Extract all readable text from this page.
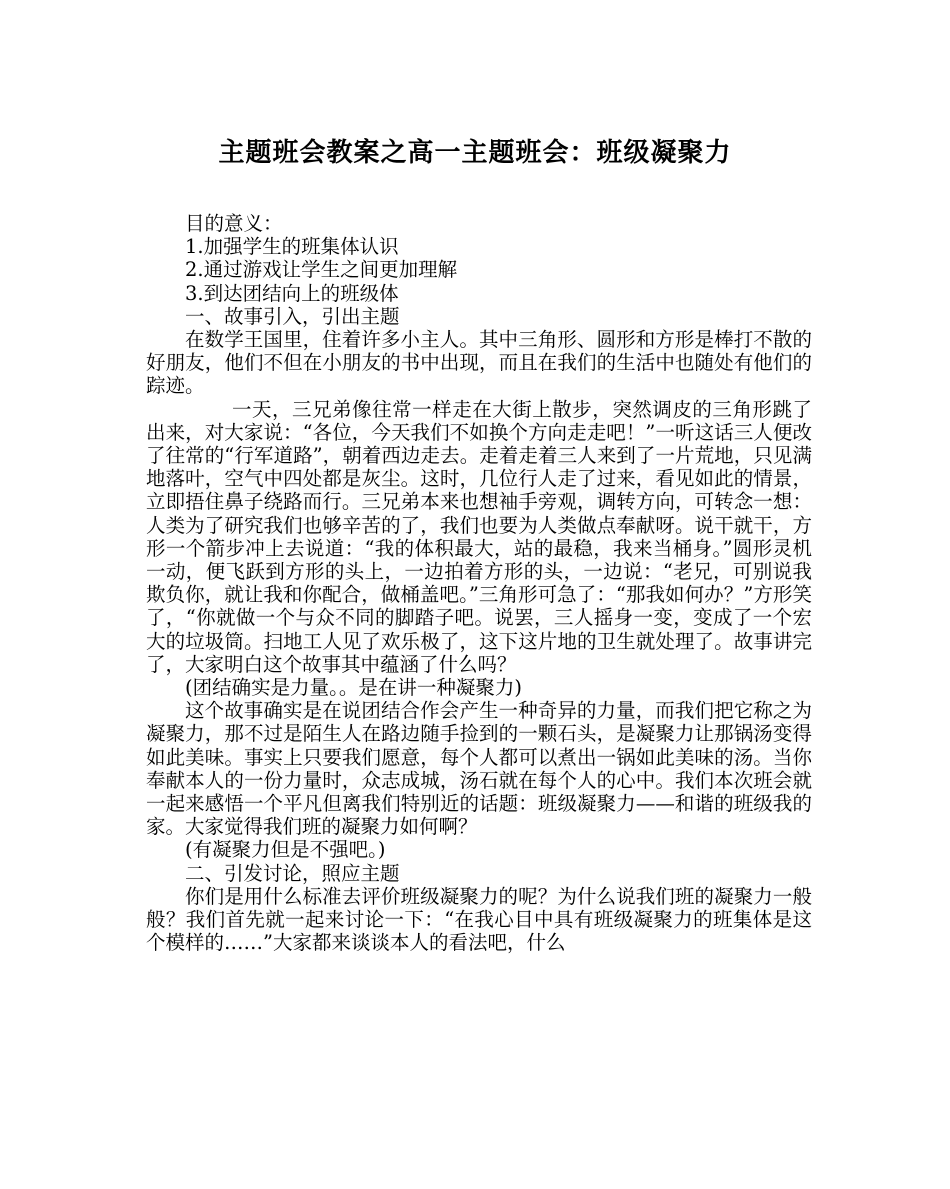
主题班会教案之高一主题班会：班级凝聚力

目的意义：

1.加强学生的班集体认识

2.通过游戏让学生之间更加理解

3.到达团结向上的班级体

一、故事引入，引出主题

在数学王国里，住着许多小主人。其中三角形、圆形和方形是棒打不散的好朋友，他们不但在小朋友的书中出现，而且在我们的生活中也随处有他们的踪迹。

一天，三兄弟像往常一样走在大街上散步，突然调皮的三角形跳了出来，对大家说：“各位，今天我们不如换个方向走走吧！”一听这话三人便改了往常的“行军道路”，朝着西边走去。走着走着三人来到了一片荒地，只见满地落叶，空气中四处都是灰尘。这时，几位行人走了过来，看见如此的情景，立即捂住鼻子绕路而行。三兄弟本来也想袖手旁观，调转方向，可转念一想：人类为了研究我们也够辛苦的了，我们也要为人类做点奉献呀。说干就干，方形一个箭步冲上去说道：“我的体积最大，站的最稳，我来当桶身。”圆形灵机一动，便飞跃到方形的头上，一边拍着方形的头，一边说：“老兄，可别说我欺负你，就让我和你配合，做桶盖吧。”三角形可急了：“那我如何办？”方形笑了，“你就做一个与众不同的脚踏子吧。说罢，三人摇身一变，变成了一个宏大的垃圾筒。扫地工人见了欢乐极了，这下这片地的卫生就处理了。故事讲完了，大家明白这个故事其中蕴涵了什么吗？

(团结确实是力量。。是在讲一种凝聚力)

这个故事确实是在说团结合作会产生一种奇异的力量，而我们把它称之为凝聚力，那不过是陌生人在路边随手捡到的一颗石头，是凝聚力让那锅汤变得如此美味。事实上只要我们愿意，每个人都可以煮出一锅如此美味的汤。当你奉献本人的一份力量时，众志成城，汤石就在每个人的心中。我们本次班会就一起来感悟一个平凡但离我们特别近的话题：班级凝聚力——和谐的班级我的家。大家觉得我们班的凝聚力如何啊？

(有凝聚力但是不强吧。)

二、引发讨论，照应主题

你们是用什么标准去评价班级凝聚力的呢？为什么说我们班的凝聚力一般般？我们首先就一起来讨论一下：“在我心目中具有班级凝聚力的班集体是这个模样的……”大家都来谈谈本人的看法吧，什么
